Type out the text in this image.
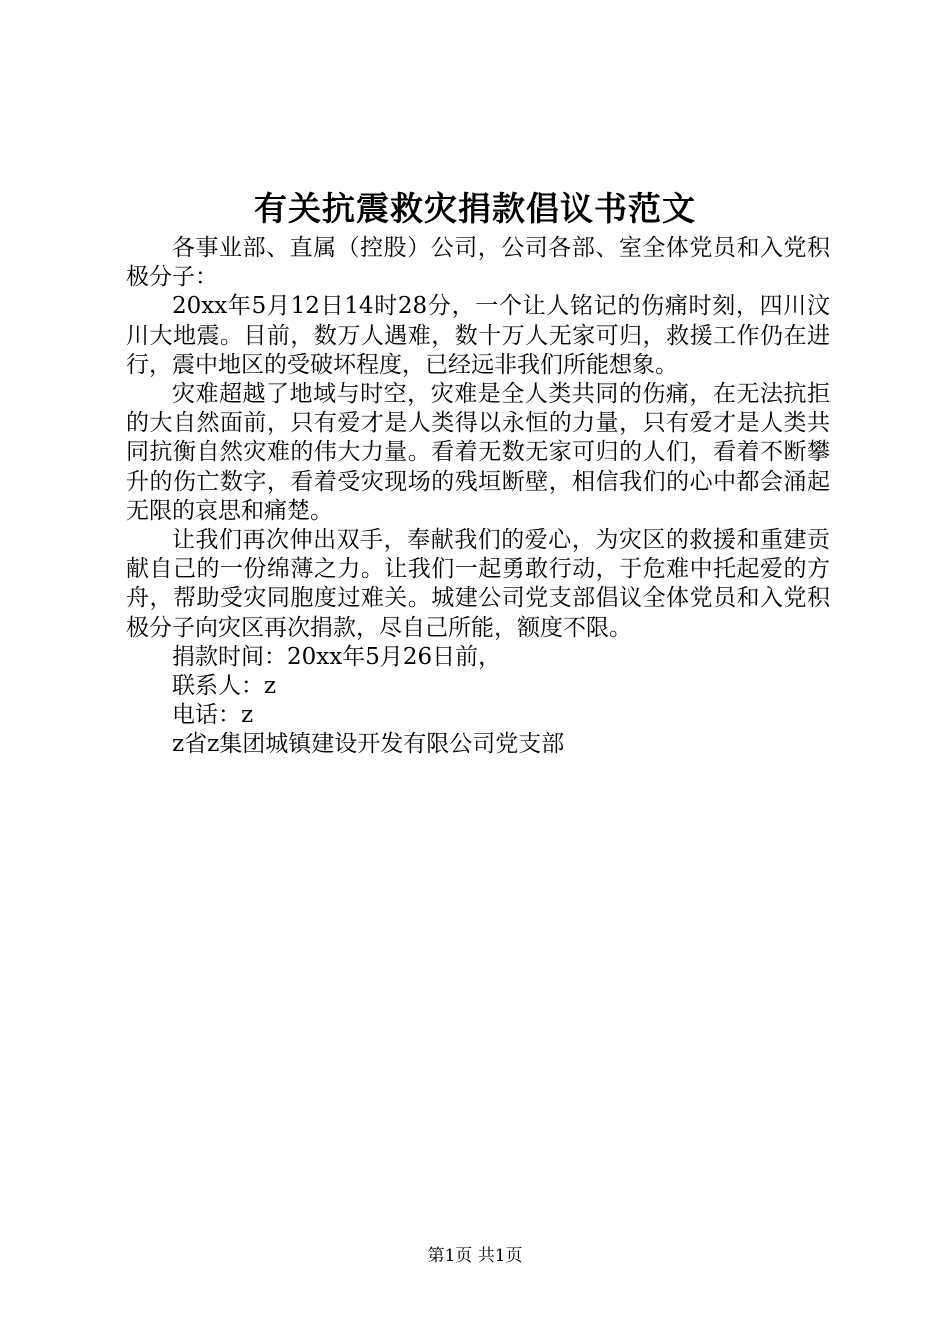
有关抗震救灾捐款倡议书范文

各事业部、直属（控股）公司，公司各部、室全体党员和入党积极分子：

20xx年5月12日14时28分，一个让人铭记的伤痛时刻，四川汶川大地震。目前，数万人遇难，数十万人无家可归，救援工作仍在进行，震中地区的受破坏程度，已经远非我们所能想象。

灾难超越了地域与时空，灾难是全人类共同的伤痛，在无法抗拒的大自然面前，只有爱才是人类得以永恒的力量，只有爱才是人类共同抗衡自然灾难的伟大力量。看着无数无家可归的人们，看着不断攀升的伤亡数字，看着受灾现场的残垣断壁，相信我们的心中都会涌起无限的哀思和痛楚。

让我们再次伸出双手，奉献我们的爱心，为灾区的救援和重建贡献自己的一份绵薄之力。让我们一起勇敢行动，于危难中托起爱的方舟，帮助受灾同胞度过难关。城建公司党支部倡议全体党员和入党积极分子向灾区再次捐款，尽自己所能，额度不限。

捐款时间：20xx年5月26日前，

联系人：z

电话：z

z省z集团城镇建设开发有限公司党支部

第1页 共1页
